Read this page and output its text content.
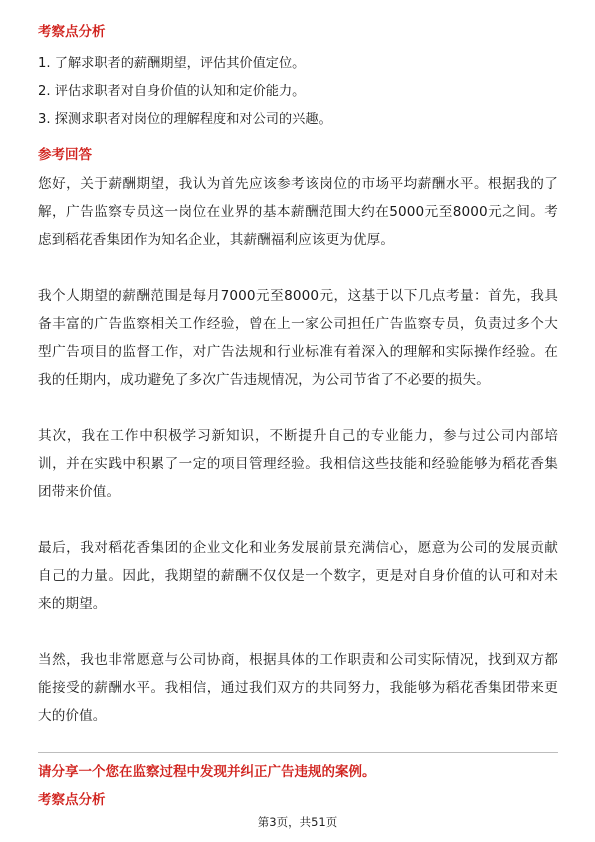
考察点分析
1. 了解求职者的薪酬期望，评估其价值定位。
2. 评估求职者对自身价值的认知和定价能力。
3. 探测求职者对岗位的理解程度和对公司的兴趣。
参考回答

您好，关于薪酬期望，我认为首先应该参考该岗位的市场平均薪酬水平。根据我的了解，广告监察专员这一岗位在业界的基本薪酬范围大约在5000元至8000元之间。考虑到稻花香集团作为知名企业，其薪酬福利应该更为优厚。

我个人期望的薪酬范围是每月7000元至8000元，这基于以下几点考量：首先，我具备丰富的广告监察相关工作经验，曾在上一家公司担任广告监察专员，负责过多个大型广告项目的监督工作，对广告法规和行业标准有着深入的理解和实际操作经验。在我的任期内，成功避免了多次广告违规情况，为公司节省了不必要的损失。

其次，我在工作中积极学习新知识，不断提升自己的专业能力，参与过公司内部培训，并在实践中积累了一定的项目管理经验。我相信这些技能和经验能够为稻花香集团带来价值。

最后，我对稻花香集团的企业文化和业务发展前景充满信心，愿意为公司的发展贡献自己的力量。因此，我期望的薪酬不仅仅是一个数字，更是对自身价值的认可和对未来的期望。

当然，我也非常愿意与公司协商，根据具体的工作职责和公司实际情况，找到双方都能接受的薪酬水平。我相信，通过我们双方的共同努力，我能够为稻花香集团带来更大的价值。

请分享一个您在监察过程中发现并纠正广告违规的案例。
考察点分析
第3页，共51页
